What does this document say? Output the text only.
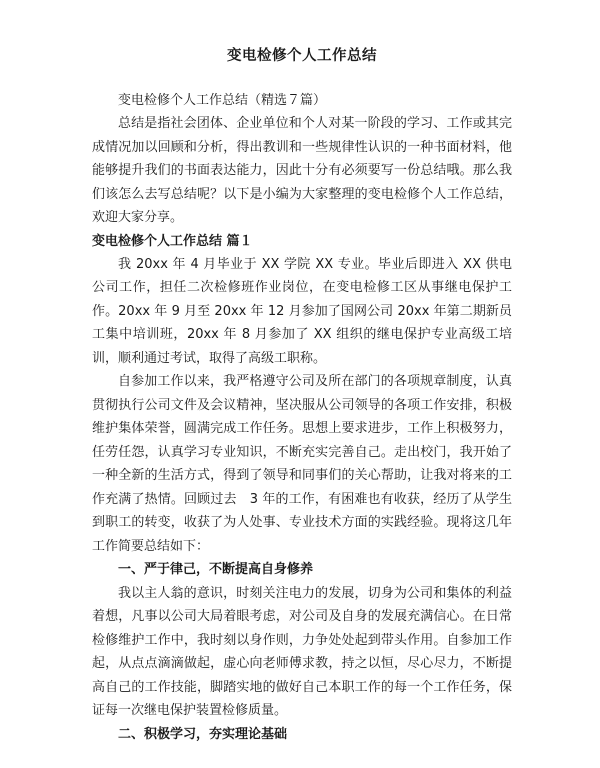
变电检修个人工作总结

变电检修个人工作总结（精选７篇）

总结是指社会团体、企业单位和个人对某一阶段的学习、工作或其完成情况加以回顾和分析，得出教训和一些规律性认识的一种书面材料，他能够提升我们的书面表达能力，因此十分有必须要写一份总结哦。那么我们该怎么去写总结呢？以下是小编为大家整理的变电检修个人工作总结，欢迎大家分享。

变电检修个人工作总结 篇１

我 20xx 年 4 月毕业于 XX 学院 XX 专业。毕业后即进入 XX 供电公司工作，担任二次检修班作业岗位，在变电检修工区从事继电保护工作。20xx 年 9 月至 20xx 年 12 月参加了国网公司 20xx 年第二期新员工集中培训班，20xx 年 8 月参加了 XX 组织的继电保护专业高级工培训，顺利通过考试，取得了高级工职称。

自参加工作以来，我严格遵守公司及所在部门的各项规章制度，认真贯彻执行公司文件及会议精神，坚决服从公司领导的各项工作安排，积极维护集体荣誉，圆满完成工作任务。思想上要求进步，工作上积极努力，任劳任怨，认真学习专业知识，不断充实完善自己。走出校门，我开始了一种全新的生活方式，得到了领导和同事们的关心帮助，让我对将来的工作充满了热情。回顾过去　3 年的工作，有困难也有收获，经历了从学生到职工的转变，收获了为人处事、专业技术方面的实践经验。现将这几年工作简要总结如下：

一、严于律己，不断提高自身修养

我以主人翁的意识，时刻关注电力的发展，切身为公司和集体的利益着想，凡事以公司大局着眼考虑，对公司及自身的发展充满信心。在日常检修维护工作中，我时刻以身作则，力争处处起到带头作用。自参加工作起，从点点滴滴做起，虚心向老师傅求教，持之以恒，尽心尽力，不断提高自己的工作技能，脚踏实地的做好自己本职工作的每一个工作任务，保证每一次继电保护装置检修质量。

二、积极学习，夯实理论基础
